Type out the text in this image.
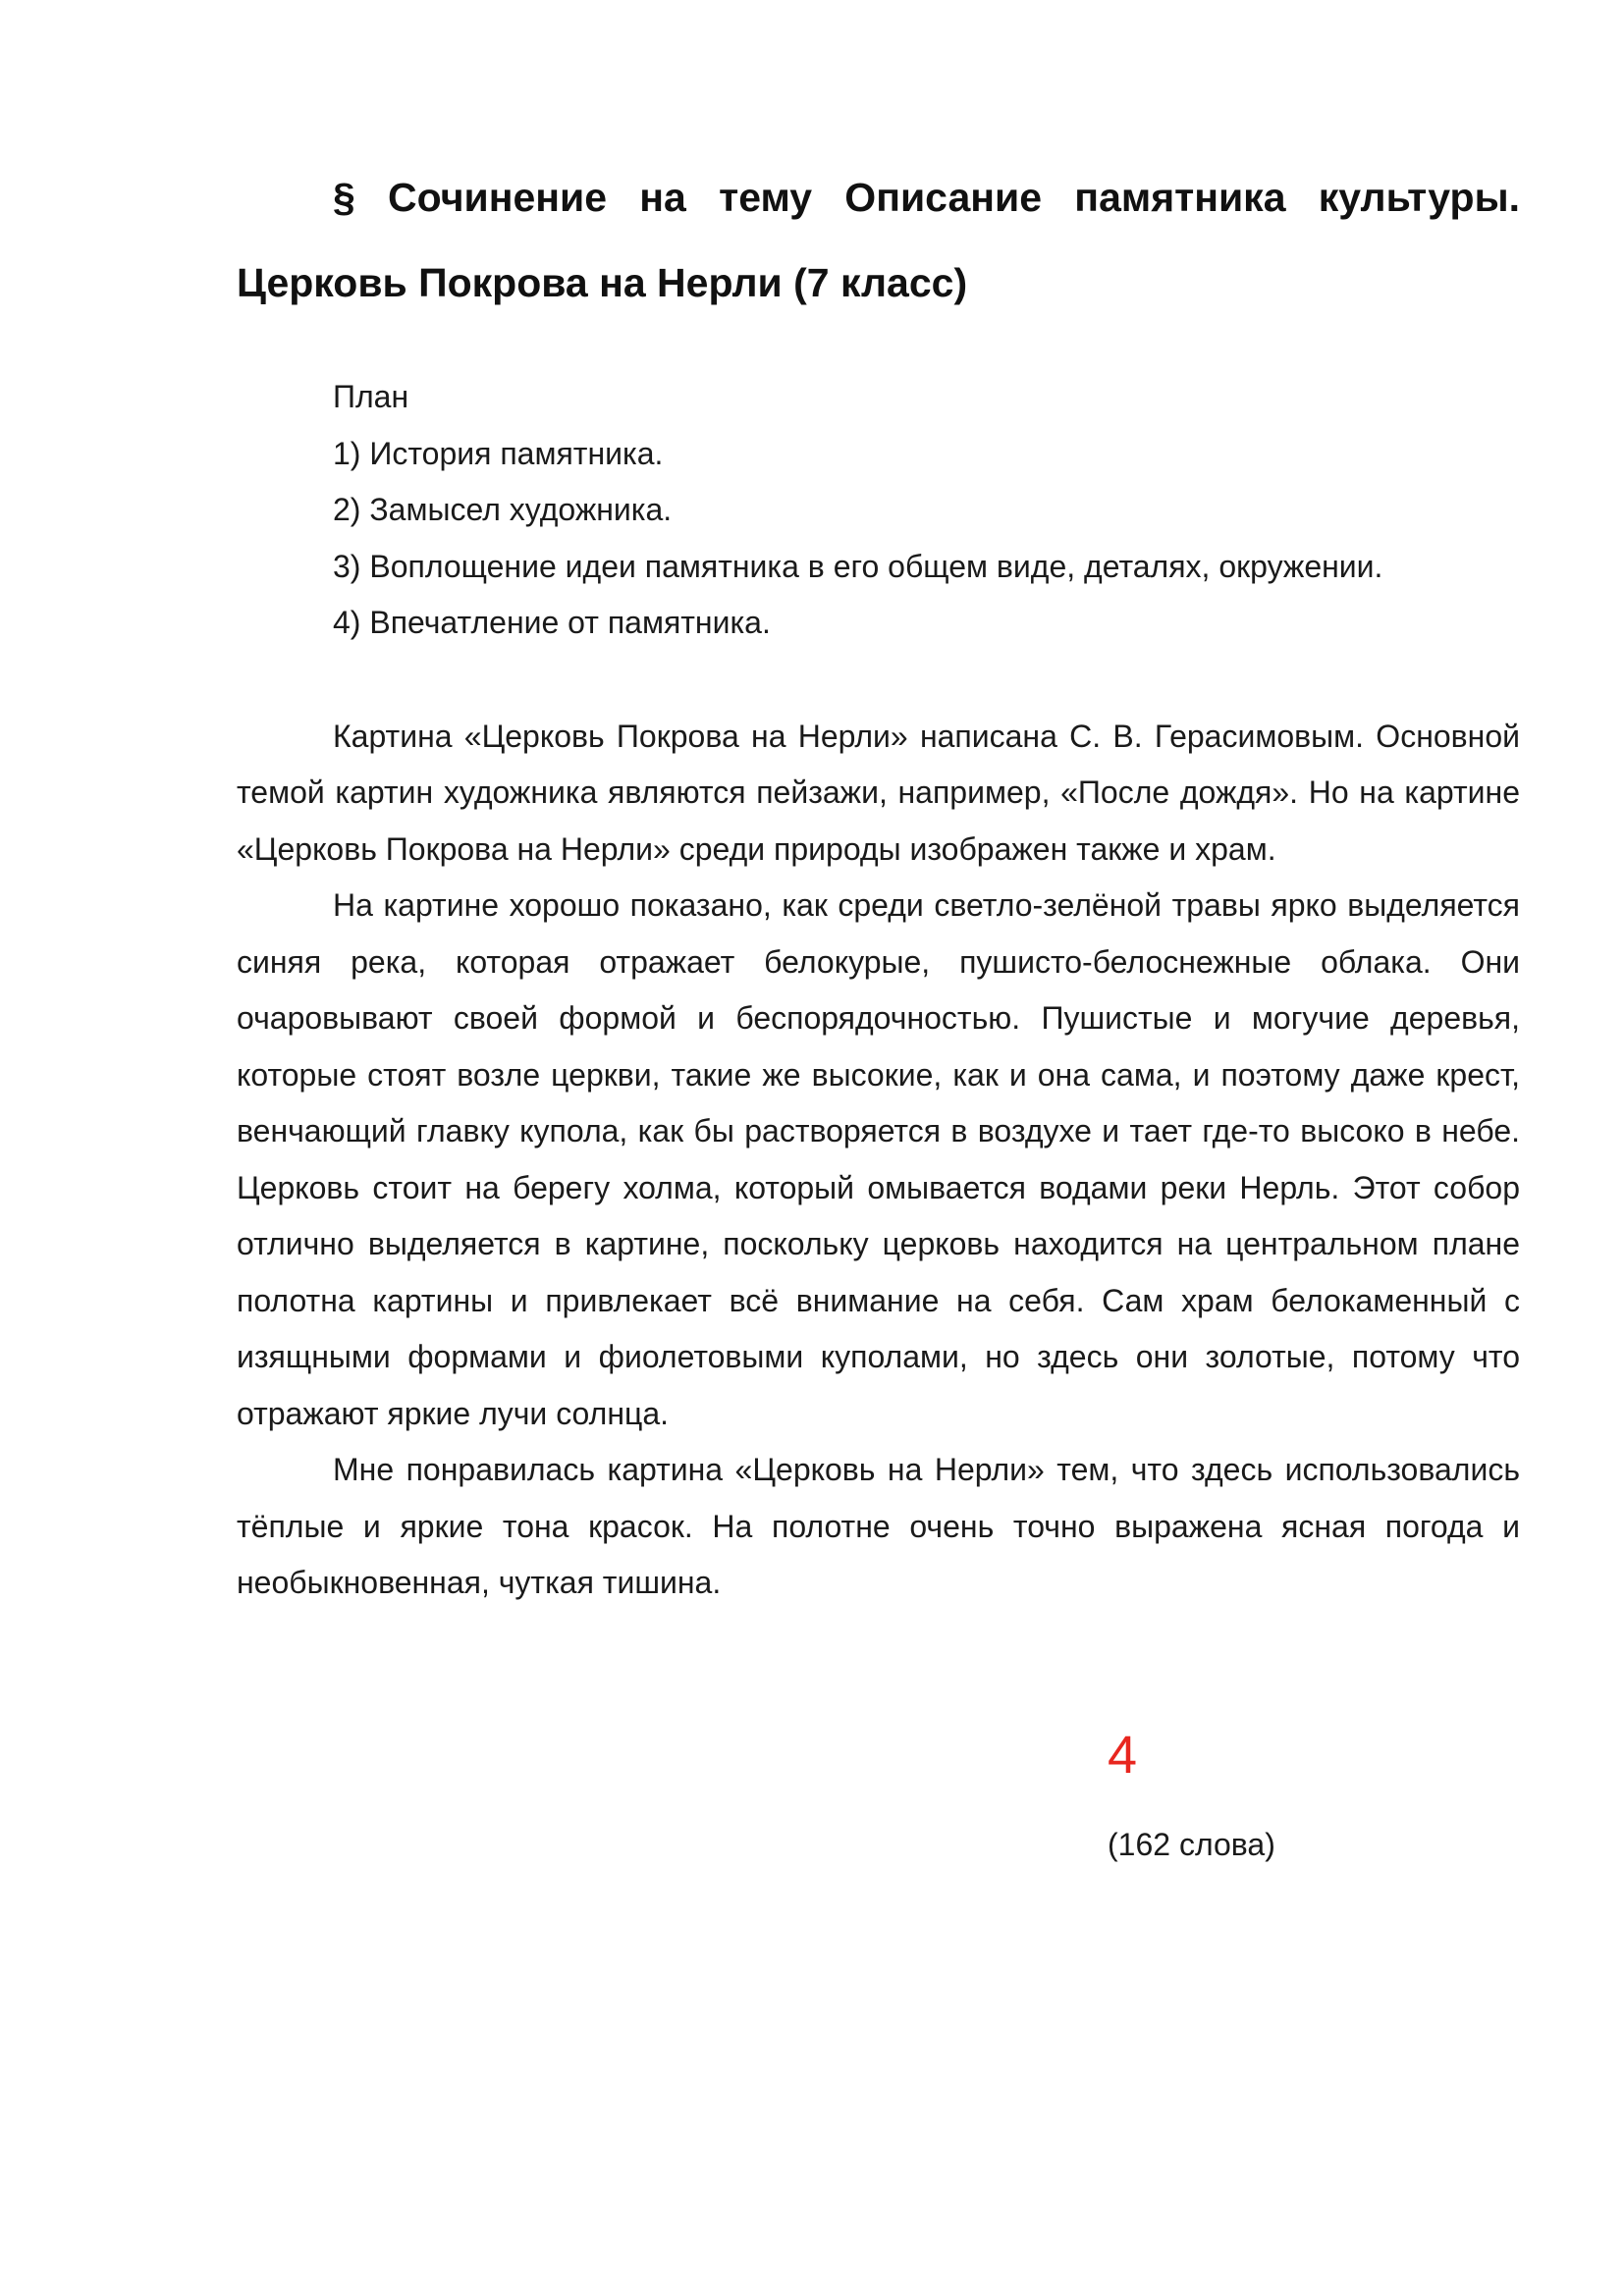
§ Сочинение на тему Описание памятника культуры. Церковь Покрова на Нерли (7 класс)

План

1) История памятника.

2) Замысел художника.

3) Воплощение идеи памятника в его общем виде, деталях, окружении.

4) Впечатление от памятника.

Картина «Церковь Покрова на Нерли» написана С. В. Герасимовым. Основной темой картин художника являются пейзажи, например, «После дождя». Но на картине «Церковь Покрова на Нерли» среди природы изображен также и храм.

На картине хорошо показано, как среди светло-зелёной травы ярко выделяется синяя река, которая отражает белокурые, пушисто-белоснежные облака. Они очаровывают своей формой и беспорядочностью. Пушистые и могучие деревья, которые стоят возле церкви, такие же высокие, как и она сама, и поэтому даже крест, венчающий главку купола, как бы растворяется в воздухе и тает где-то высоко в небе. Церковь стоит на берегу холма, который омывается водами реки Нерль. Этот собор отлично выделяется в картине, поскольку церковь находится на центральном плане полотна картины и привлекает всё внимание на себя. Сам храм белокаменный с изящными формами и фиолетовыми куполами, но здесь они золотые, потому что отражают яркие лучи солнца.

Мне понравилась картина «Церковь на Нерли» тем, что здесь использовались тёплые и яркие тона красок. На полотне очень точно выражена ясная погода и необыкновенная, чуткая тишина.

4
(162 слова)
